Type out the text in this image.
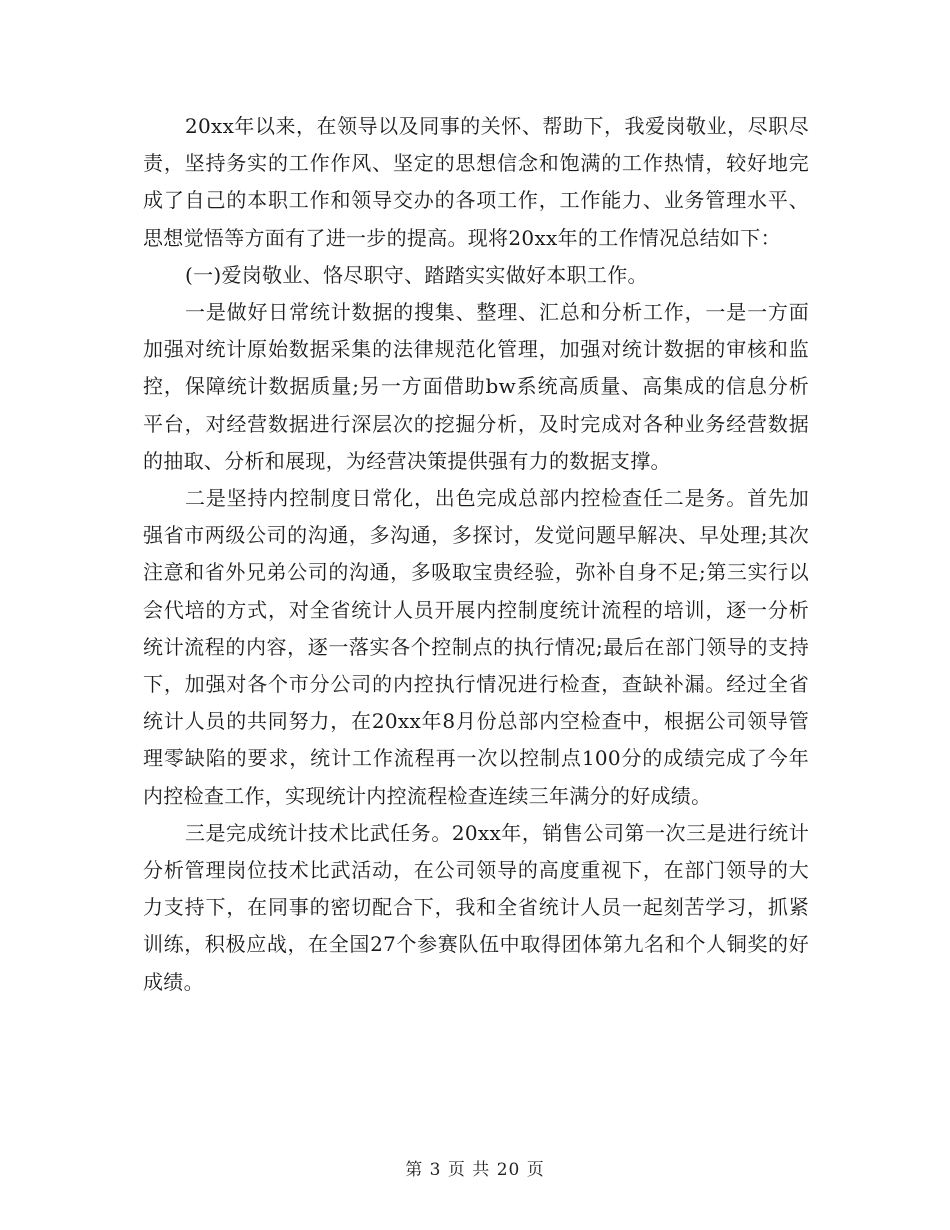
20xx年以来，在领导以及同事的关怀、帮助下，我爱岗敬业，尽职尽责，坚持务实的工作作风、坚定的思想信念和饱满的工作热情，较好地完成了自己的本职工作和领导交办的各项工作，工作能力、业务管理水平、思想觉悟等方面有了进一步的提高。现将20xx年的工作情况总结如下：

(一)爱岗敬业、恪尽职守、踏踏实实做好本职工作。

一是做好日常统计数据的搜集、整理、汇总和分析工作，一是一方面加强对统计原始数据采集的法律规范化管理，加强对统计数据的审核和监控，保障统计数据质量;另一方面借助bw系统高质量、高集成的信息分析平台，对经营数据进行深层次的挖掘分析，及时完成对各种业务经营数据的抽取、分析和展现，为经营决策提供强有力的数据支撑。

二是坚持内控制度日常化，出色完成总部内控检查任二是务。首先加强省市两级公司的沟通，多沟通，多探讨，发觉问题早解决、早处理;其次注意和省外兄弟公司的沟通，多吸取宝贵经验，弥补自身不足;第三实行以会代培的方式，对全省统计人员开展内控制度统计流程的培训，逐一分析统计流程的内容，逐一落实各个控制点的执行情况;最后在部门领导的支持下，加强对各个市分公司的内控执行情况进行检查，查缺补漏。经过全省统计人员的共同努力，在20xx年8月份总部内空检查中，根据公司领导管理零缺陷的要求，统计工作流程再一次以控制点100分的成绩完成了今年内控检查工作，实现统计内控流程检查连续三年满分的好成绩。

三是完成统计技术比武任务。20xx年，销售公司第一次三是进行统计分析管理岗位技术比武活动，在公司领导的高度重视下，在部门领导的大力支持下，在同事的密切配合下，我和全省统计人员一起刻苦学习，抓紧训练，积极应战，在全国27个参赛队伍中取得团体第九名和个人铜奖的好成绩。

第 3 页 共 20 页
